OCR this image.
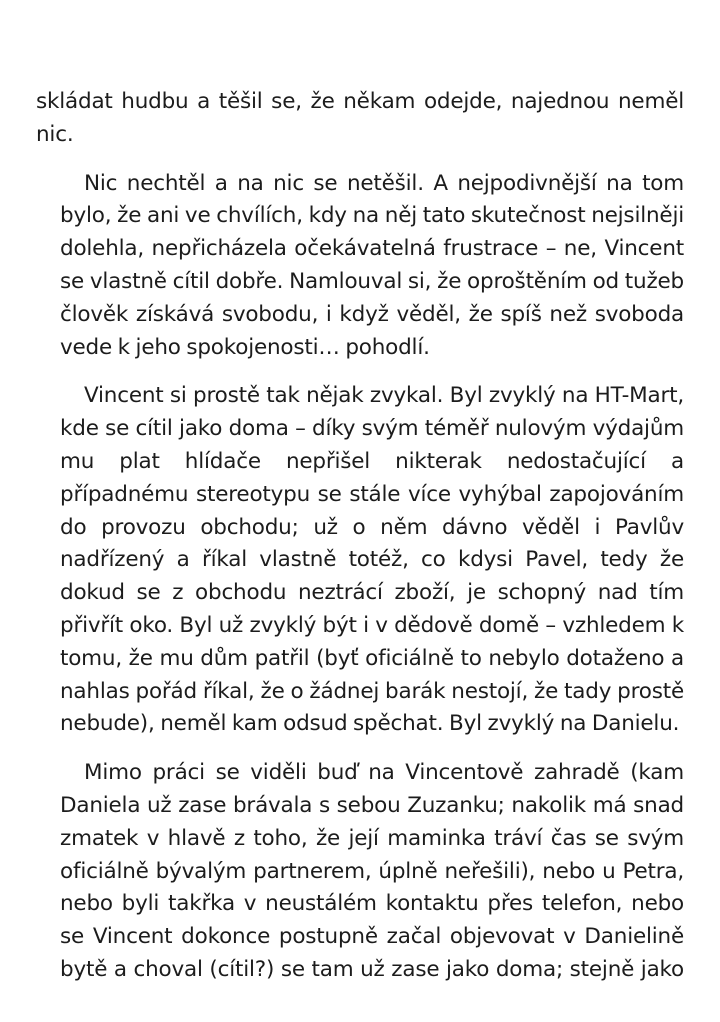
skládat hudbu a těšil se, že někam odejde, najednou neměl
nic.
Nic nechtěl a na nic se netěšil. A nejpodivnější na tom
bylo, že ani ve chvílích, kdy na něj tato skutečnost nejsilněji
dolehla, nepřicházela očekávatelná frustrace – ne, Vincent
se vlastně cítil dobře. Namlouval si, že oproštěním od tužeb
člověk získává svobodu, i když věděl, že spíš než svoboda
vede k jeho spokojenosti… pohodlí.
Vincent si prostě tak nějak zvykal. Byl zvyklý na HT-Mart,
kde se cítil jako doma – díky svým téměř nulovým výdajům
mu plat hlídače nepřišel nikterak nedostačující a
případnému stereotypu se stále více vyhýbal zapojováním
do provozu obchodu; už o něm dávno věděl i Pavlův
nadřízený a říkal vlastně totéž, co kdysi Pavel, tedy že
dokud se z obchodu neztrácí zboží, je schopný nad tím
přivřít oko. Byl už zvyklý být i v dědově domě – vzhledem k
tomu, že mu dům patřil (byť oficiálně to nebylo dotaženo a
nahlas pořád říkal, že o žádnej barák nestojí, že tady prostě
nebude), neměl kam odsud spěchat. Byl zvyklý na Danielu.
Mimo práci se viděli buď na Vincentově zahradě (kam
Daniela už zase brávala s sebou Zuzanku; nakolik má snad
zmatek v hlavě z toho, že její maminka tráví čas se svým
oficiálně bývalým partnerem, úplně neřešili), nebo u Petra,
nebo byli takřka v neustálém kontaktu přes telefon, nebo
se Vincent dokonce postupně začal objevovat v Danielině
bytě a choval (cítil?) se tam už zase jako doma; stejně jako
